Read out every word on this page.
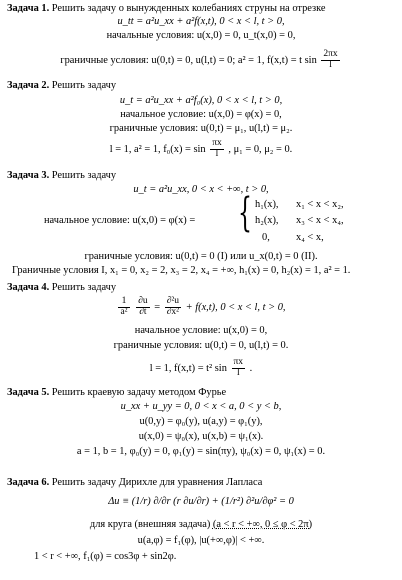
Задача 1. Решить задачу о вынужденных колебаниях струны на отрезке
u_tt = a²u_xx + a²f(x,t), 0 < x < l, t > 0,
начальные условия: u(x,0) = 0, u_t(x,0) = 0,
граничные условия: u(0,t) = 0, u(l,t) = 0; a² = 1, f(x,t) = t $\sin \frac{2\pi x}{l}$
Задача 2. Решить задачу
u_t = a²u_xx + a²f₀(x), 0 < x < l, t > 0,
начальное условие: u(x,0) = φ(x) = 0,
граничные условия: u(0,t) = μ₁, u(l,t) = μ₂.
l = 1, a² = 1, $f_0(x) = \sin \frac{\pi x}{l}$ , μ₁ = 0, μ₂ = 0.
Задача 3. Решить задачу
u_t = a²u_xx, 0 < x < +∞, t > 0,
начальное условие: u(x,0) = φ(x) = { h₁(x), x₁ < x < x₂,
h₂(x), x₃ < x < x₄,
0,	x₄ < x,
граничные условия: u(0,t) = 0 (I) или u_x(0,t) = 0 (II).
Граничные условия I, x₁ = 0, x₂ = 2, x₃ = 2, x₄ = +∞, h₁(x) = 0, h₂(x) = 1, a² = 1.
Задача 4. Решить задачу
$\frac{1}{\text{a²}}$
$\frac{\partial u}{\partial t} = \frac{\text{∂²u}}{\text{∂x²}} + f(x,t)$, 0 < x < l, t > 0,
начальное условие: u(x,0) = 0,
граничные условия: u(0,t) = 0, u(l,t) = 0.
l = 1, f(x,t) = t² $\sin \frac{\pi x}{l}$ .
Задача 5. Решить краевую задачу методом Фурье
u_xx + u_yy = 0, 0 < x < a, 0 < y < b,
u(0,y) = φ₀(y), u(a,y) = φ₁(y),
u(x,0) = ψ₀(x), u(x,b) = ψ₁(x).
a = 1, b = 1, φ₀(y) = 0, φ₁(y) = sin(πy), ψ₀(x) = 0, ψ₁(x) = 0.
Задача 6. Решить задачу Дирихле для уравнения Лапласа
Δu ≡ (1/r) ∂/∂r (r ∂u/∂r) + (1/r²) ∂²u/∂φ² = 0
для круга (внешняя задача) (a < r < +∞, 0 ≤ φ < 2π)
u(a,φ) = f₁(φ), |u(+∞,φ)| < +∞.
1 < r < +∞, f₁(φ) = cos3φ + sin2φ.
